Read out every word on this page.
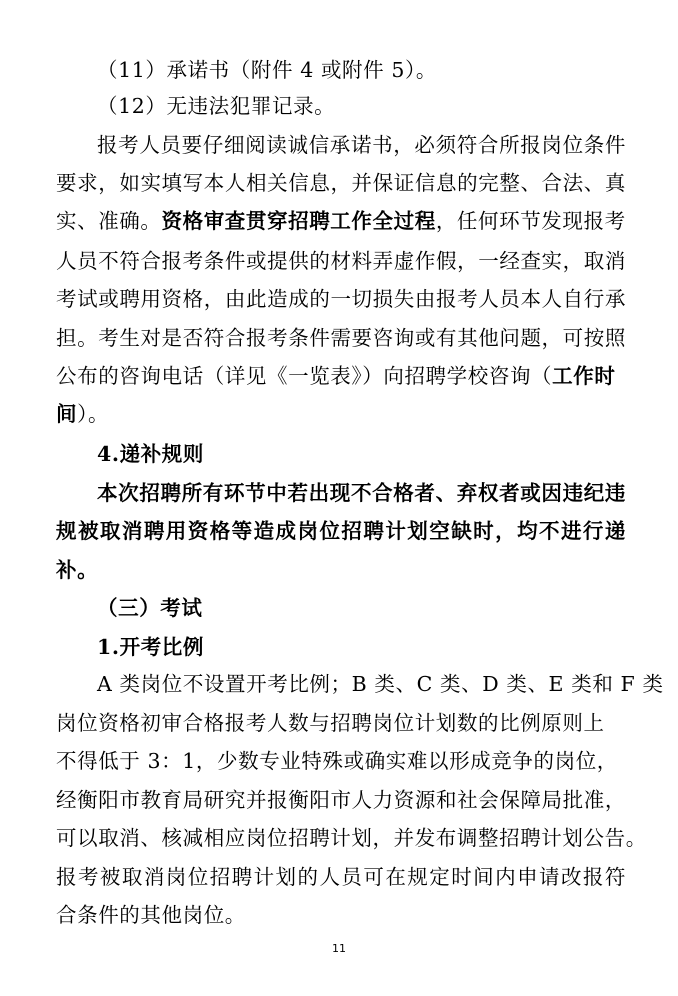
（11）承诺书（附件 4 或附件 5）。
（12）无违法犯罪记录。
报考人员要仔细阅读诚信承诺书，必须符合所报岗位条件
要求，如实填写本人相关信息，并保证信息的完整、合法、真
实、准确。资格审查贯穿招聘工作全过程，任何环节发现报考
人员不符合报考条件或提供的材料弄虚作假，一经查实，取消
考试或聘用资格，由此造成的一切损失由报考人员本人自行承
担。考生对是否符合报考条件需要咨询或有其他问题，可按照
公布的咨询电话（详见《一览表》）向招聘学校咨询（工作时
间）。
4.递补规则
本次招聘所有环节中若出现不合格者、弃权者或因违纪违
规被取消聘用资格等造成岗位招聘计划空缺时，均不进行递
补。
（三）考试
1.开考比例
A 类岗位不设置开考比例；B 类、C 类、D 类、E 类和 F 类
岗位资格初审合格报考人数与招聘岗位计划数的比例原则上
不得低于 3：1，少数专业特殊或确实难以形成竞争的岗位，
经衡阳市教育局研究并报衡阳市人力资源和社会保障局批准，
可以取消、核减相应岗位招聘计划，并发布调整招聘计划公告。
报考被取消岗位招聘计划的人员可在规定时间内申请改报符
合条件的其他岗位。
11
